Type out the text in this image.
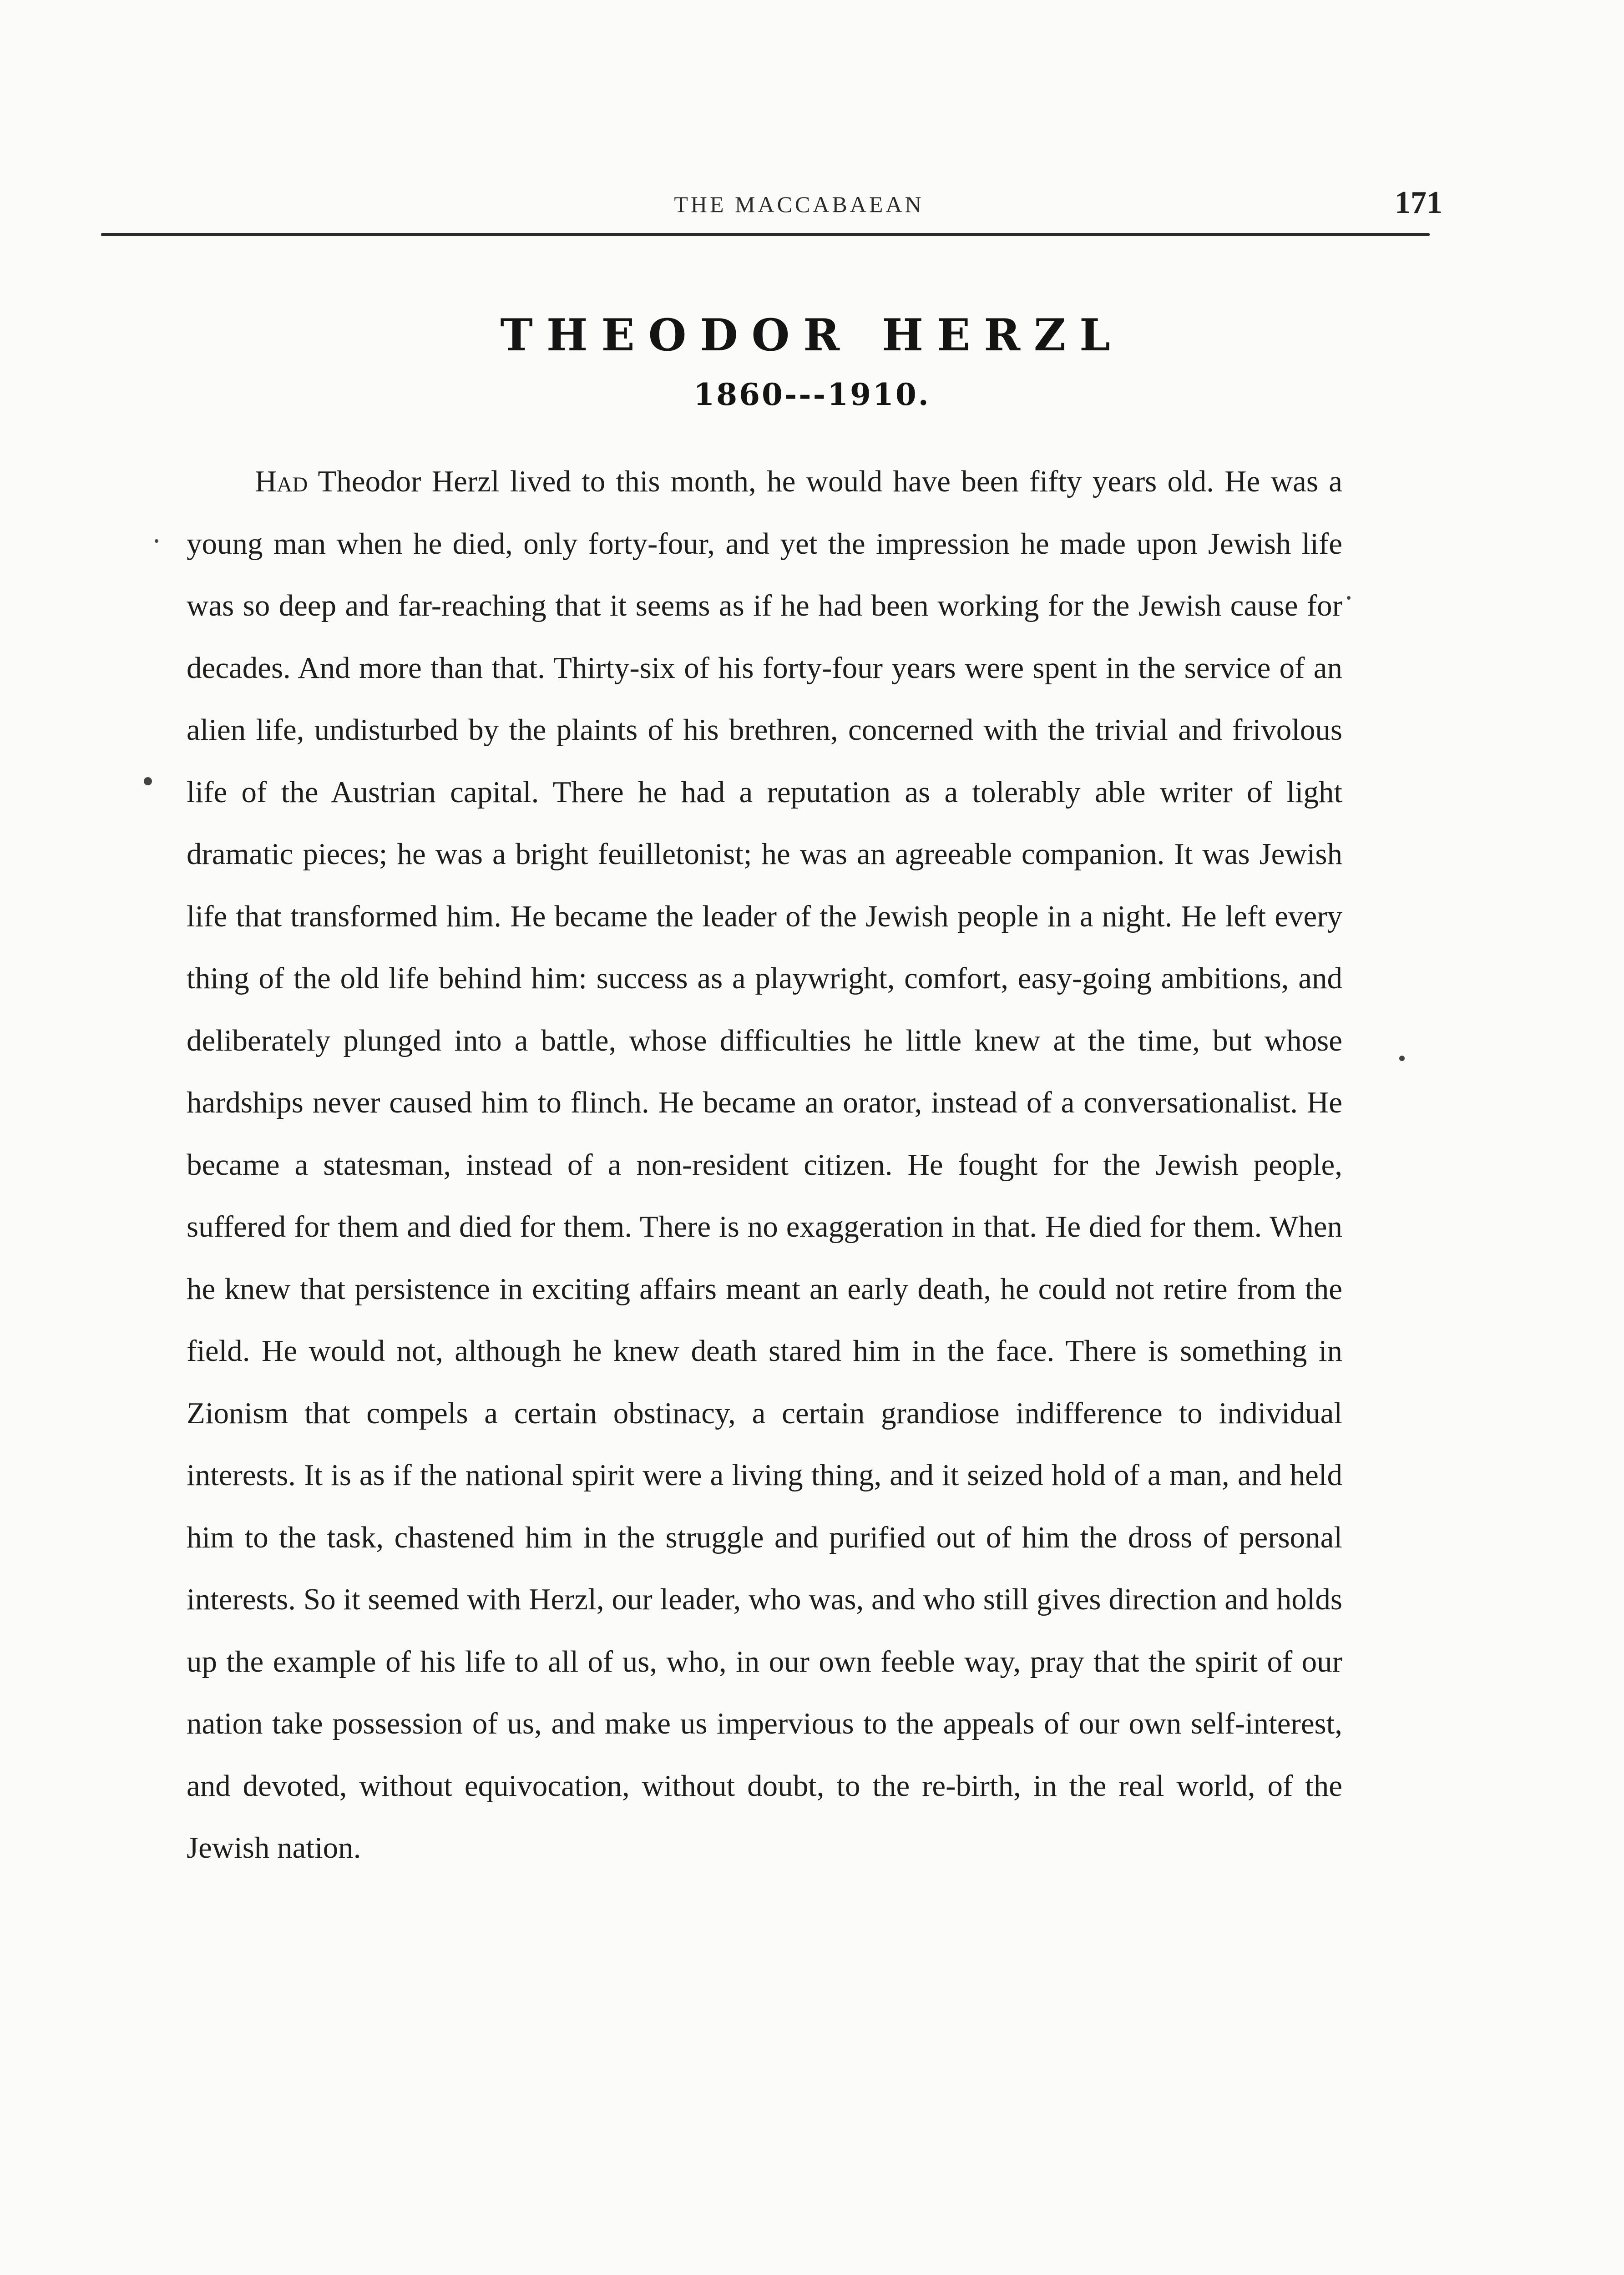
THE MACCABAEAN	171
THEODOR HERZL
1860---1910.

Had Theodor Herzl lived to this month, he would have been fifty years old. He was a young man when he died, only forty-four, and yet the impression he made upon Jewish life was so deep and far-reaching that it seems as if he had been working for the Jewish cause for decades. And more than that. Thirty-six of his forty-four years were spent in the service of an alien life, undisturbed by the plaints of his brethren, concerned with the trivial and frivolous life of the Austrian capital. There he had a reputation as a tolerably able writer of light dramatic pieces; he was a bright feuilletonist; he was an agreeable companion. It was Jewish life that transformed him. He became the leader of the Jewish people in a night. He left every thing of the old life behind him: success as a playwright, comfort, easy-going ambitions, and deliberately plunged into a battle, whose difficulties he little knew at the time, but whose hardships never caused him to flinch. He became an orator, instead of a conversationalist. He became a statesman, instead of a non-resident citizen. He fought for the Jewish people, suffered for them and died for them. There is no exaggeration in that. He died for them. When he knew that persistence in exciting affairs meant an early death, he could not retire from the field. He would not, although he knew death stared him in the face. There is something in Zionism that compels a certain obstinacy, a certain grandiose indifference to individual interests. It is as if the national spirit were a living thing, and it seized hold of a man, and held him to the task, chastened him in the struggle and purified out of him the dross of personal interests. So it seemed with Herzl, our leader, who was, and who still gives direction and holds up the example of his life to all of us, who, in our own feeble way, pray that the spirit of our nation take possession of us, and make us impervious to the appeals of our own self-interest, and devoted, without equivocation, without doubt, to the re-birth, in the real world, of the Jewish nation.
